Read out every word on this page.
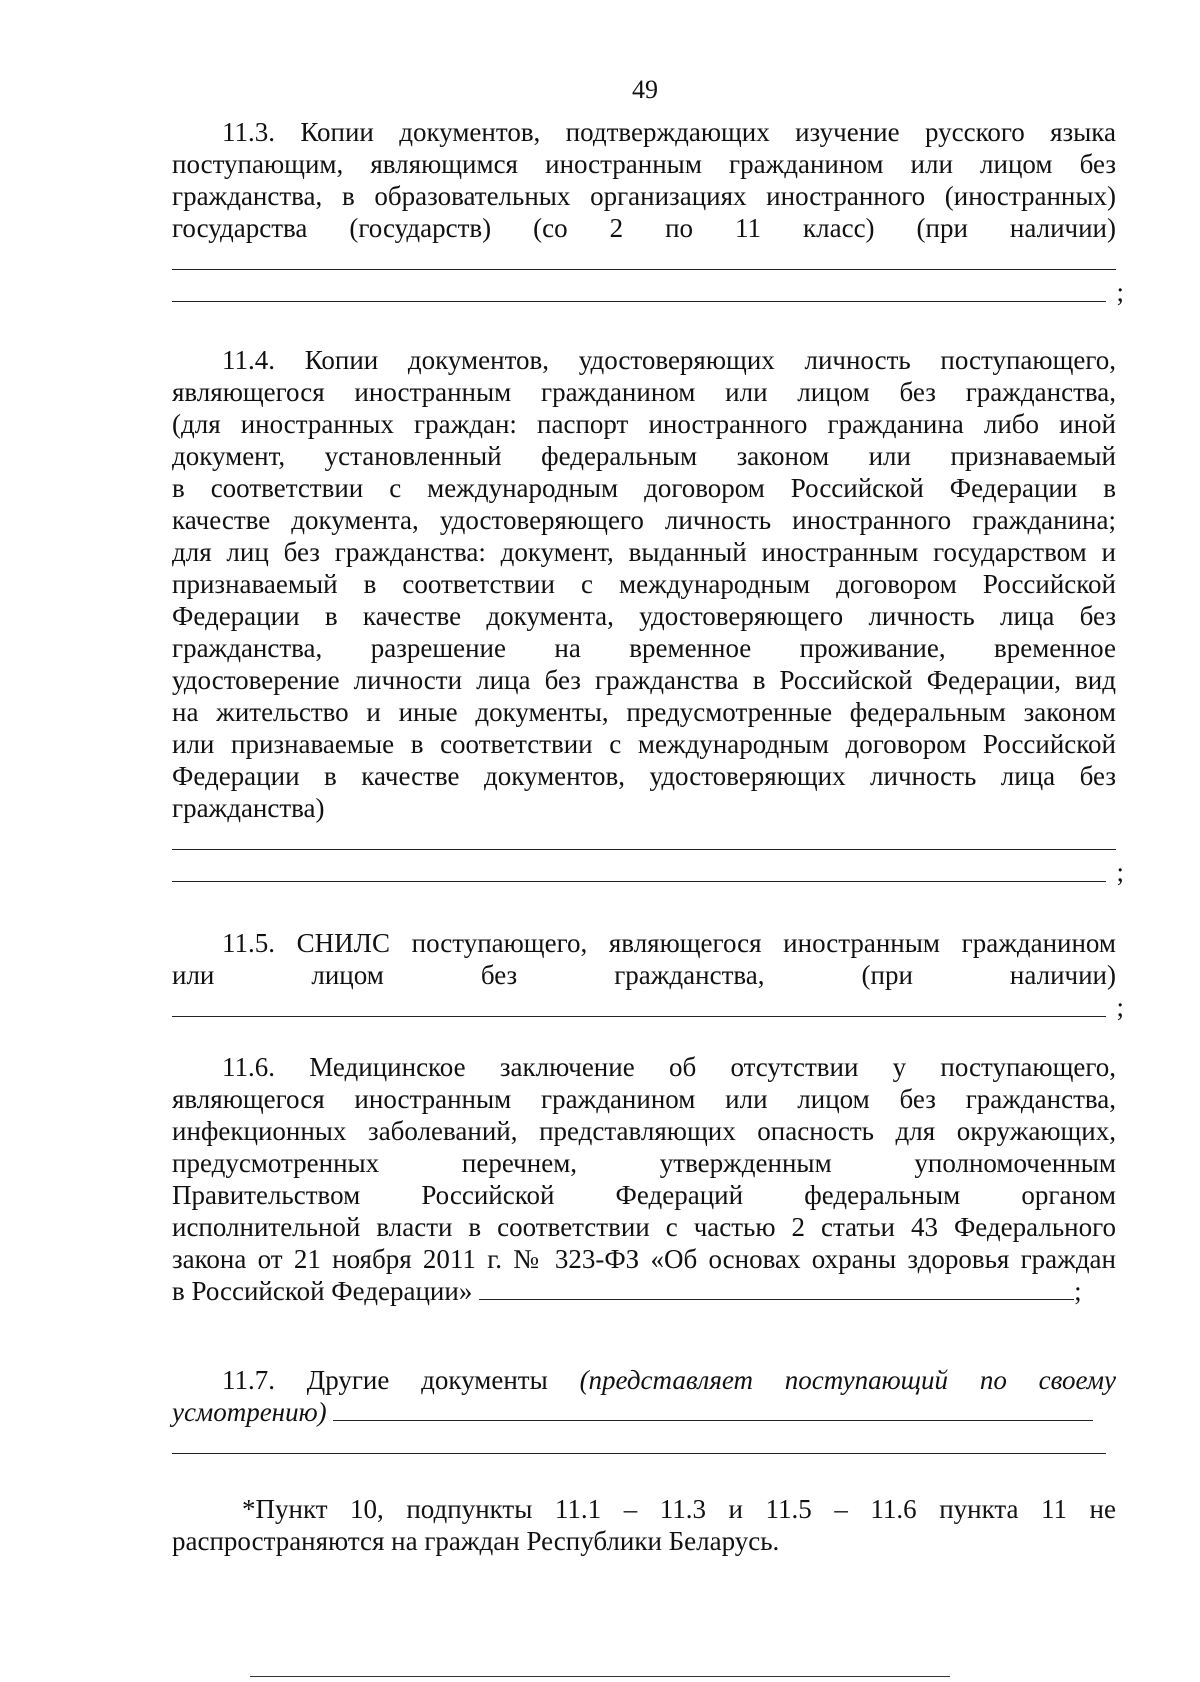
49
11.3. Копии документов, подтверждающих изучение русского языка
поступающим, являющимся иностранным гражданином или лицом без
гражданства, в образовательных организациях иностранного (иностранных)
государства (государств) (со 2 по 11 класс) (при наличии)
;
11.4. Копии документов, удостоверяющих личность поступающего,
являющегося иностранным гражданином или лицом без гражданства,
(для иностранных граждан: паспорт иностранного гражданина либо иной
документ, установленный федеральным законом или признаваемый
в соответствии с международным договором Российской Федерации в
качестве документа, удостоверяющего личность иностранного гражданина;
для лиц без гражданства: документ, выданный иностранным государством и
признаваемый в соответствии с международным договором Российской
Федерации в качестве документа, удостоверяющего личность лица без
гражданства, разрешение на временное проживание, временное
удостоверение личности лица без гражданства в Российской Федерации, вид
на жительство и иные документы, предусмотренные федеральным законом
или признаваемые в соответствии с международным договором Российской
Федерации в качестве документов, удостоверяющих личность лица без
гражданства)
;
11.5. СНИЛС поступающего, являющегося иностранным гражданином
или лицом без гражданства, (при наличии)
;
11.6. Медицинское заключение об отсутствии у поступающего,
являющегося иностранным гражданином или лицом без гражданства,
инфекционных заболеваний, представляющих опасность для окружающих,
предусмотренных перечнем, утвержденным уполномоченным
Правительством Российской Федераций федеральным органом
исполнительной власти в соответствии с частью 2 статьи 43 Федерального
закона от 21 ноября 2011 г. № 323-ФЗ «Об основах охраны здоровья граждан
в Российской Федерации»	;
11.7. Другие документы (представляет поступающий по своему
усмотрению)
*Пункт 10, подпункты 11.1 – 11.3 и 11.5 – 11.6 пункта 11 не
распространяются на граждан Республики Беларусь.
